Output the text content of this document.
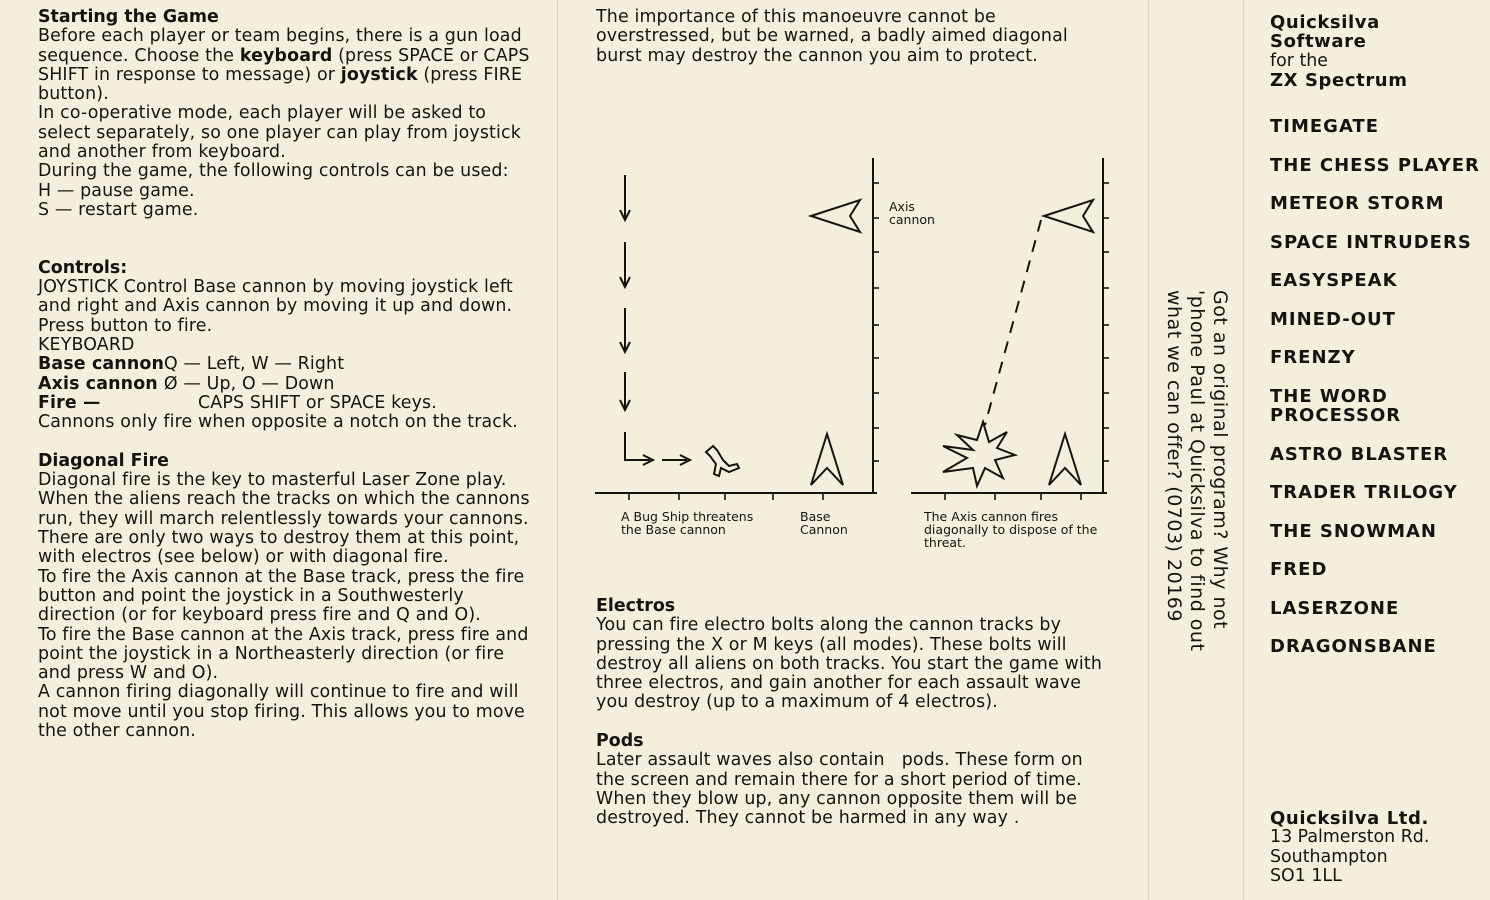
Starting the Game
Before each player or team begins, there is a gun load sequence. Choose the keyboard (press SPACE or CAPS SHIFT in response to message) or joystick (press FIRE button).
In co-operative mode, each player will be asked to select separately, so one player can play from joystick and another from keyboard.
During the game, the following controls can be used:
H — pause game.
S — restart game.
Controls:
JOYSTICK Control Base cannon by moving joystick left and right and Axis cannon by moving it up and down. Press button to fire.
KEYBOARD
Base cannon Q — Left, W — Right
Axis cannon Ø — Up, O — Down
Fire —	CAPS SHIFT or SPACE keys.
Cannons only fire when opposite a notch on the track.
Diagonal Fire
Diagonal fire is the key to masterful Laser Zone play. When the aliens reach the tracks on which the cannons run, they will march relentlessly towards your cannons. There are only two ways to destroy them at this point, with electros (see below) or with diagonal fire.
To fire the Axis cannon at the Base track, press the fire button and point the joystick in a Southwesterly direction (or for keyboard press fire and Q and O).
To fire the Base cannon at the Axis track, press fire and point the joystick in a Northeasterly direction (or fire and press W and O).
A cannon firing diagonally will continue to fire and will not move until you stop firing. This allows you to move the other cannon.
The importance of this manoeuvre cannot be overstressed, but be warned, a badly aimed diagonal burst may destroy the cannon you aim to protect.
Axis cannon
A Bug Ship threatens the Base cannon
Base Cannon
The Axis cannon fires diagonally to dispose of the threat.
Electros
You can fire electro bolts along the cannon tracks by pressing the X or M keys (all modes). These bolts will destroy all aliens on both tracks. You start the game with three electros, and gain another for each assault wave you destroy (up to a maximum of 4 electros).
Pods
Later assault waves also contain   pods. These form on the screen and remain there for a short period of time. When they blow up, any cannon opposite them will be destroyed. They cannot be harmed in any way .
Got an original program? Why not 'phone Paul at Quicksilva to find out what we can offer? (0703) 20169
Quicksilva
Software
for the
ZX Spectrum
TIMEGATE
THE CHESS PLAYER
METEOR STORM
SPACE INTRUDERS
EASYSPEAK
MINED-OUT
FRENZY
THE WORD PROCESSOR
ASTRO BLASTER
TRADER TRILOGY
THE SNOWMAN
FRED
LASERZONE
DRAGONSBANE
Quicksilva Ltd.
13 Palmerston Rd.
Southampton
SO1 1LL
